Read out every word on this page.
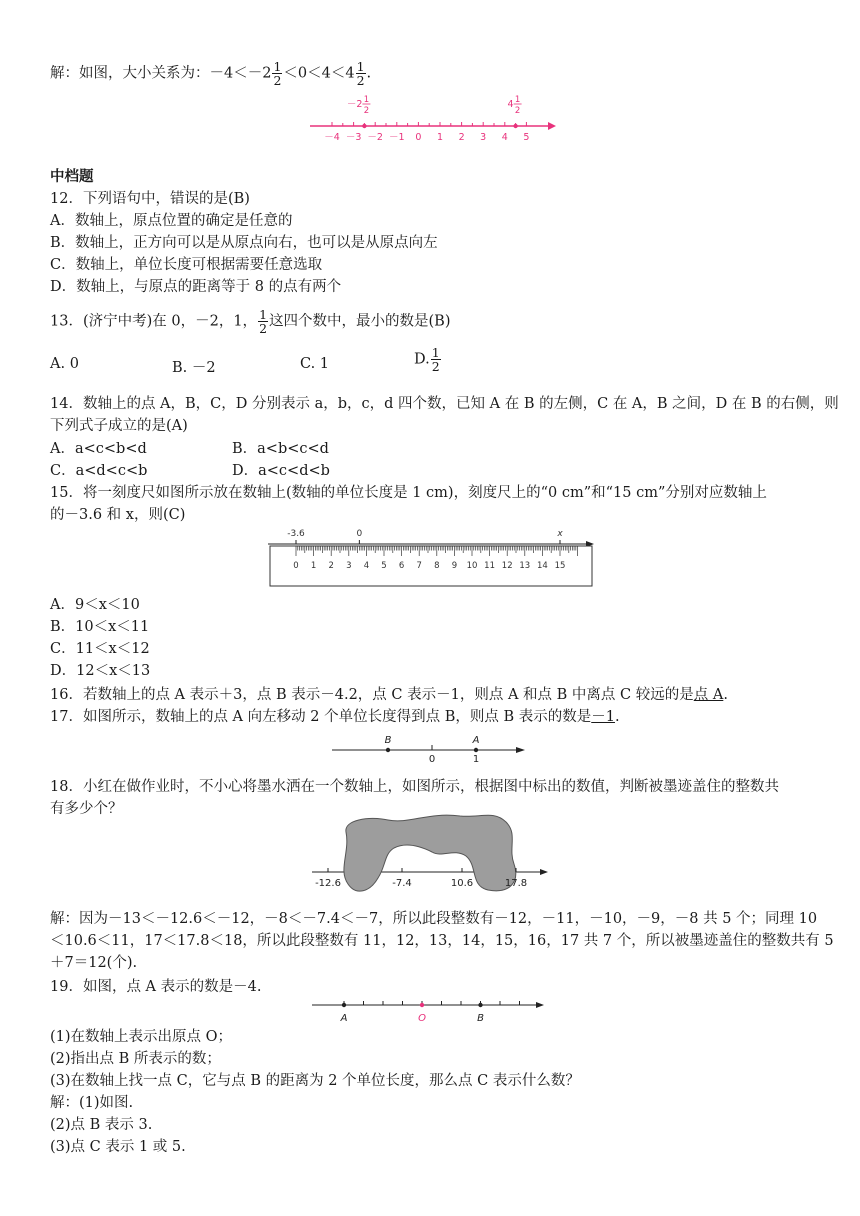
解：如图，大小关系为：$-4<-2 \frac{1}{2} <0<4<4 \frac{1}{2}$ .
－4 －3 －2 －1 0 1 2 3 4 5
－2 1
2
4 1
2
中档题
12．下列语句中，错误的是(B)
A．数轴上，原点位置的确定是任意的
B．数轴上，正方向可以是从原点向右，也可以是从原点向左
C．数轴上，单位长度可根据需要任意选取
D．数轴上，与原点的距离等于 8 的点有两个
13．(济宁中考)在 0，－2，1， $\frac{1}{2}$ 这四个数中，最小的数是(B)
A. 0	B. －2	C. 1	D. $\frac{1}{2}$
14．数轴上的点 A，B，C，D 分别表示 a，b，c，d 四个数，已知 A 在 B 的左侧，C 在 A，B 之间，D 在 B 的右侧，则
下列式子成立的是(A)
A．a<c<b<d	B．a<b<c<d
C．a<d<c<b	D．a<c<d<b
15．将一刻度尺如图所示放在数轴上(数轴的单位长度是 1 cm)，刻度尺上的“0 cm”和“15 cm”分别对应数轴上
的－3.6 和 x，则(C)
-3.6	0	x
0 1 2 3 4 5 6 7 8 9 10 11 12 13 14 15
A．9＜x＜10
B．10＜x＜11
C．11＜x＜12
D．12＜x＜13
16．若数轴上的点 A 表示＋3，点 B 表示－4.2，点 C 表示－1，则点 A 和点 B 中离点 C 较远的是点 A.
17．如图所示，数轴上的点 A 向左移动 2 个单位长度得到点 B，则点 B 表示的数是－1.
0
B	A
1
18．小红在做作业时，不小心将墨水洒在一个数轴上，如图所示，根据图中标出的数值，判断被墨迹盖住的整数共
有多少个？
-12.6	-7.4	10.6	17.8
解：因为－13＜－12.6＜－12，－8＜－7.4＜－7，所以此段整数有－12，－11，－10，－9，－8 共 5 个；同理 10
＜10.6＜11，17＜17.8＜18，所以此段整数有 11，12，13，14，15，16，17 共 7 个，所以被墨迹盖住的整数共有 5
＋7＝12(个).
19．如图，点 A 表示的数是－4.
A	O	B
(1)在数轴上表示出原点 O；
(2)指出点 B 所表示的数；
(3)在数轴上找一点 C，它与点 B 的距离为 2 个单位长度，那么点 C 表示什么数？
解：(1)如图.
(2)点 B 表示 3.
(3)点 C 表示 1 或 5.
